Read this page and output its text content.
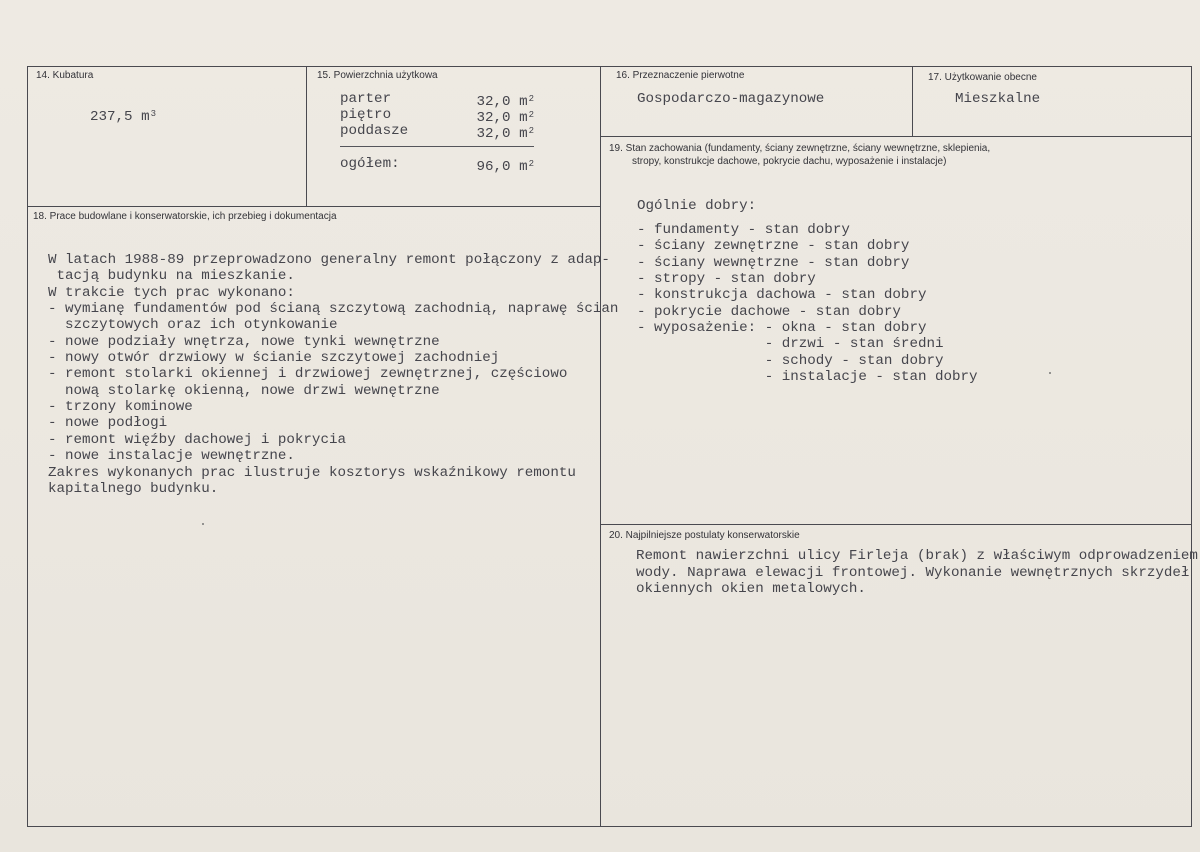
14. Kubatura
237,5 $m^3$
15. Powierzchnia użytkowa
parter	32,0 $m^2$
piętro	32,0 $m^2$
poddasze	32,0 $m^2$
ogółem:	96,0 $m^2$
16. Przeznaczenie pierwotne
Gospodarczo-magazynowe
17. Użytkowanie obecne
Mieszkalne
18. Prace budowlane i konserwatorskie, ich przebieg i dokumentacja
W latach 1988-89 przeprowadzono generalny remont połączony z adap-
tacją budynku na mieszkanie.
W trakcie tych prac wykonano:
- wymianę fundamentów pod ścianą szczytową zachodnią, naprawę ścian
szczytowych oraz ich otynkowanie
- nowe podziały wnętrza, nowe tynki wewnętrzne
- nowy otwór drzwiowy w ścianie szczytowej zachodniej
- remont stolarki okiennej i drzwiowej zewnętrznej, częściowo
nową stolarkę okienną, nowe drzwi wewnętrzne
- trzony kominowe
- nowe podłogi
- remont więźby dachowej i pokrycia
- nowe instalacje wewnętrzne.
Zakres wykonanych prac ilustruje kosztorys wskaźnikowy remontu
kapitalnego budynku.
19. Stan zachowania (fundamenty, ściany zewnętrzne, ściany wewnętrzne, sklepienia,
stropy, konstrukcje dachowe, pokrycie dachu, wyposażenie i instalacje)
Ogólnie dobry:
- fundamenty - stan dobry
- ściany zewnętrzne - stan dobry
- ściany wewnętrzne - stan dobry
- stropy - stan dobry
- konstrukcja dachowa - stan dobry
- pokrycie dachowe - stan dobry
- wyposażenie: - okna - stan dobry
- drzwi - stan średni
- schody - stan dobry
- instalacje - stan dobry
20. Najpilniejsze postulaty konserwatorskie
Remont nawierzchni ulicy Firleja (brak) z właściwym odprowadzeniem
wody. Naprawa elewacji frontowej. Wykonanie wewnętrznych skrzydeł
okiennych okien metalowych.
